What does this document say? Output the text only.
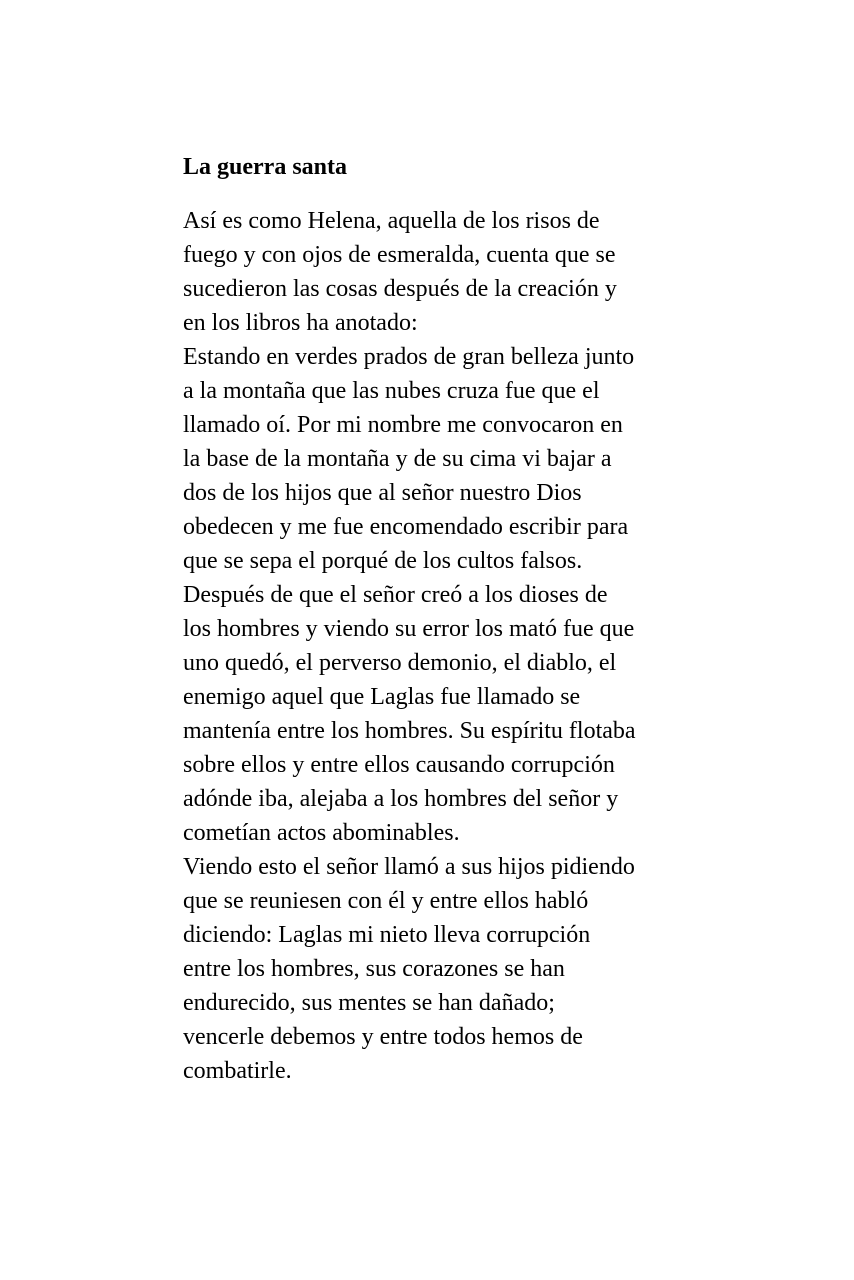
La guerra santa

Así es como Helena, aquella de los risos de
fuego y con ojos de esmeralda, cuenta que se
sucedieron las cosas después de la creación y
en los libros ha anotado:

Estando en verdes prados de gran belleza junto
a la montaña que las nubes cruza fue que el
llamado oí. Por mi nombre me convocaron en
la base de la montaña y de su cima vi bajar a
dos de los hijos que al señor nuestro Dios
obedecen y me fue encomendado escribir para
que se sepa el porqué de los cultos falsos.

Después de que el señor creó a los dioses de
los hombres y viendo su error los mató fue que
uno quedó, el perverso demonio, el diablo, el
enemigo aquel que Laglas fue llamado se
mantenía entre los hombres. Su espíritu flotaba
sobre ellos y entre ellos causando corrupción
adónde iba, alejaba a los hombres del señor y
cometían actos abominables.

Viendo esto el señor llamó a sus hijos pidiendo
que se reuniesen con él y entre ellos habló
diciendo: Laglas mi nieto lleva corrupción
entre los hombres, sus corazones se han
endurecido, sus mentes se han dañado;
vencerle debemos y entre todos hemos de
combatirle.
